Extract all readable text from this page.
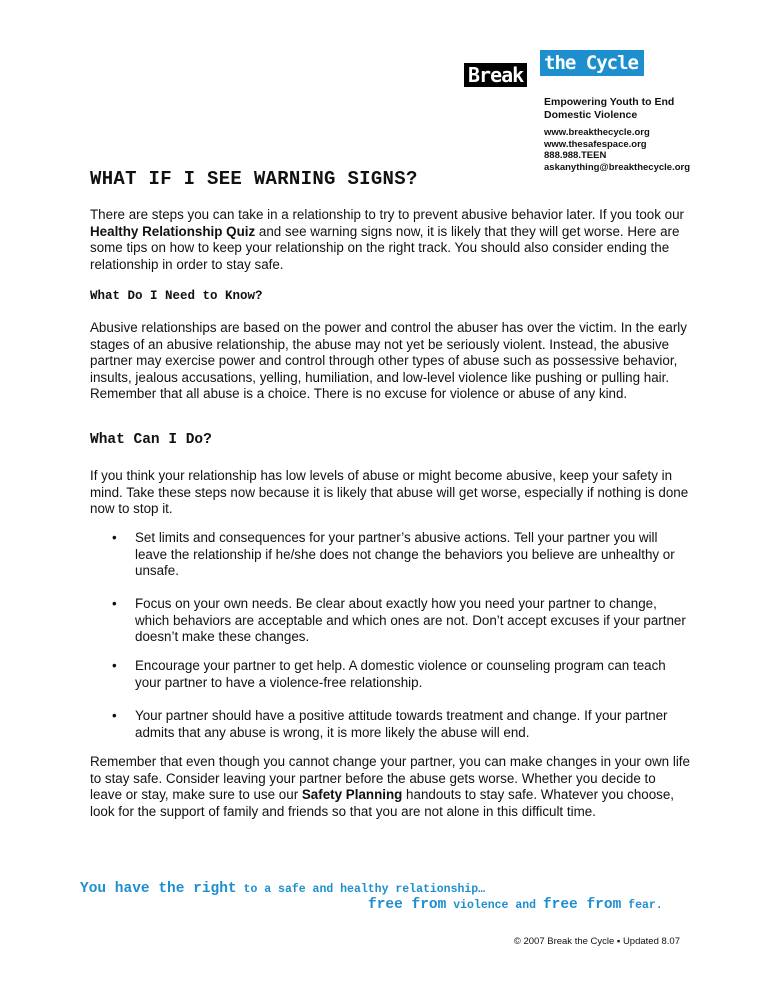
Break the Cycle
Empowering Youth to End
Domestic Violence
www.breakthecycle.org
www.thesafespace.org
888.988.TEEN
askanything@breakthecycle.org
WHAT IF I SEE WARNING SIGNS?

There are steps you can take in a relationship to try to prevent abusive behavior later. If you took our Healthy Relationship Quiz and see warning signs now, it is likely that they will get worse. Here are some tips on how to keep your relationship on the right track. You should also consider ending the relationship in order to stay safe.

What Do I Need to Know?

Abusive relationships are based on the power and control the abuser has over the victim. In the early stages of an abusive relationship, the abuse may not yet be seriously violent. Instead, the abusive partner may exercise power and control through other types of abuse such as possessive behavior, insults, jealous accusations, yelling, humiliation, and low-level violence like pushing or pulling hair. Remember that all abuse is a choice. There is no excuse for violence or abuse of any kind.

What Can I Do?

If you think your relationship has low levels of abuse or might become abusive, keep your safety in mind. Take these steps now because it is likely that abuse will get worse, especially if nothing is done now to stop it.

•	Set limits and consequences for your partner’s abusive actions. Tell your partner you will leave the relationship if he/she does not change the behaviors you believe are unhealthy or unsafe.
•	Focus on your own needs. Be clear about exactly how you need your partner to change, which behaviors are acceptable and which ones are not. Don’t accept excuses if your partner doesn’t make these changes.
•	Encourage your partner to get help. A domestic violence or counseling program can teach your partner to have a violence-free relationship.
•	Your partner should have a positive attitude towards treatment and change. If your partner admits that any abuse is wrong, it is more likely the abuse will end.

Remember that even though you cannot change your partner, you can make changes in your own life to stay safe. Consider leaving your partner before the abuse gets worse. Whether you decide to leave or stay, make sure to use our Safety Planning handouts to stay safe. Whatever you choose, look for the support of family and friends so that you are not alone in this difficult time.

You have the right to a safe and healthy relationship…
free from violence and free from fear.
© 2007 Break the Cycle ▪ Updated 8.07
